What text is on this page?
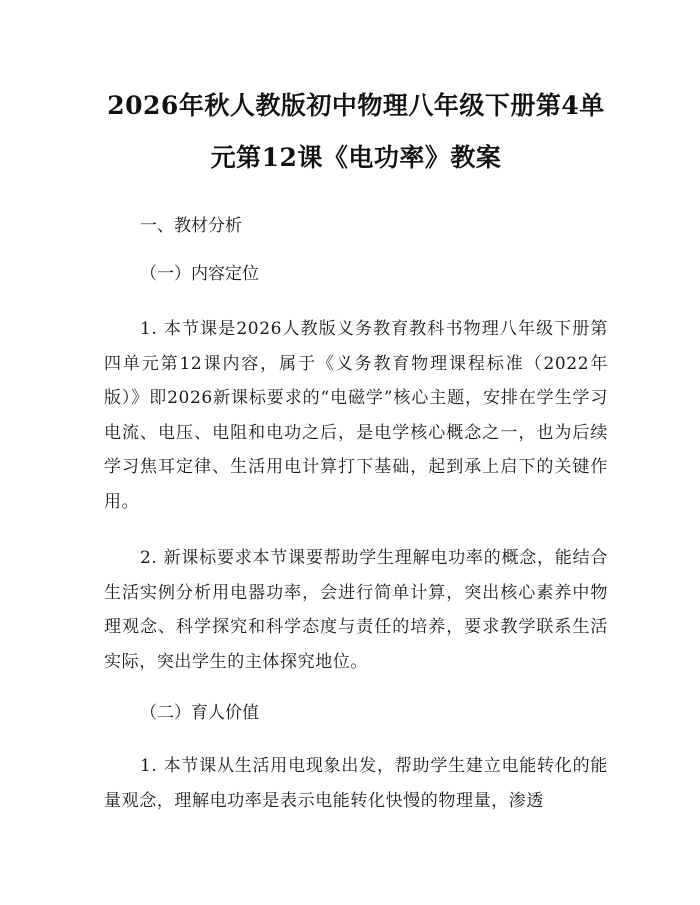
2026年秋人教版初中物理八年级下册第4单
元第12课《电功率》教案
一、教材分析
（一）内容定位

1. 本节课是2026人教版义务教育教科书物理八年级下册第四单元第12课内容，属于《义务教育物理课程标准（2022年版）》即2026新课标要求的“电磁学”核心主题，安排在学生学习电流、电压、电阻和电功之后，是电学核心概念之一，也为后续学习焦耳定律、生活用电计算打下基础，起到承上启下的关键作用。

2. 新课标要求本节课要帮助学生理解电功率的概念，能结合生活实例分析用电器功率，会进行简单计算，突出核心素养中物理观念、科学探究和科学态度与责任的培养，要求教学联系生活实际，突出学生的主体探究地位。

（二）育人价值

1. 本节课从生活用电现象出发，帮助学生建立电能转化的能量观念，理解电功率是表示电能转化快慢的物理量，渗透
